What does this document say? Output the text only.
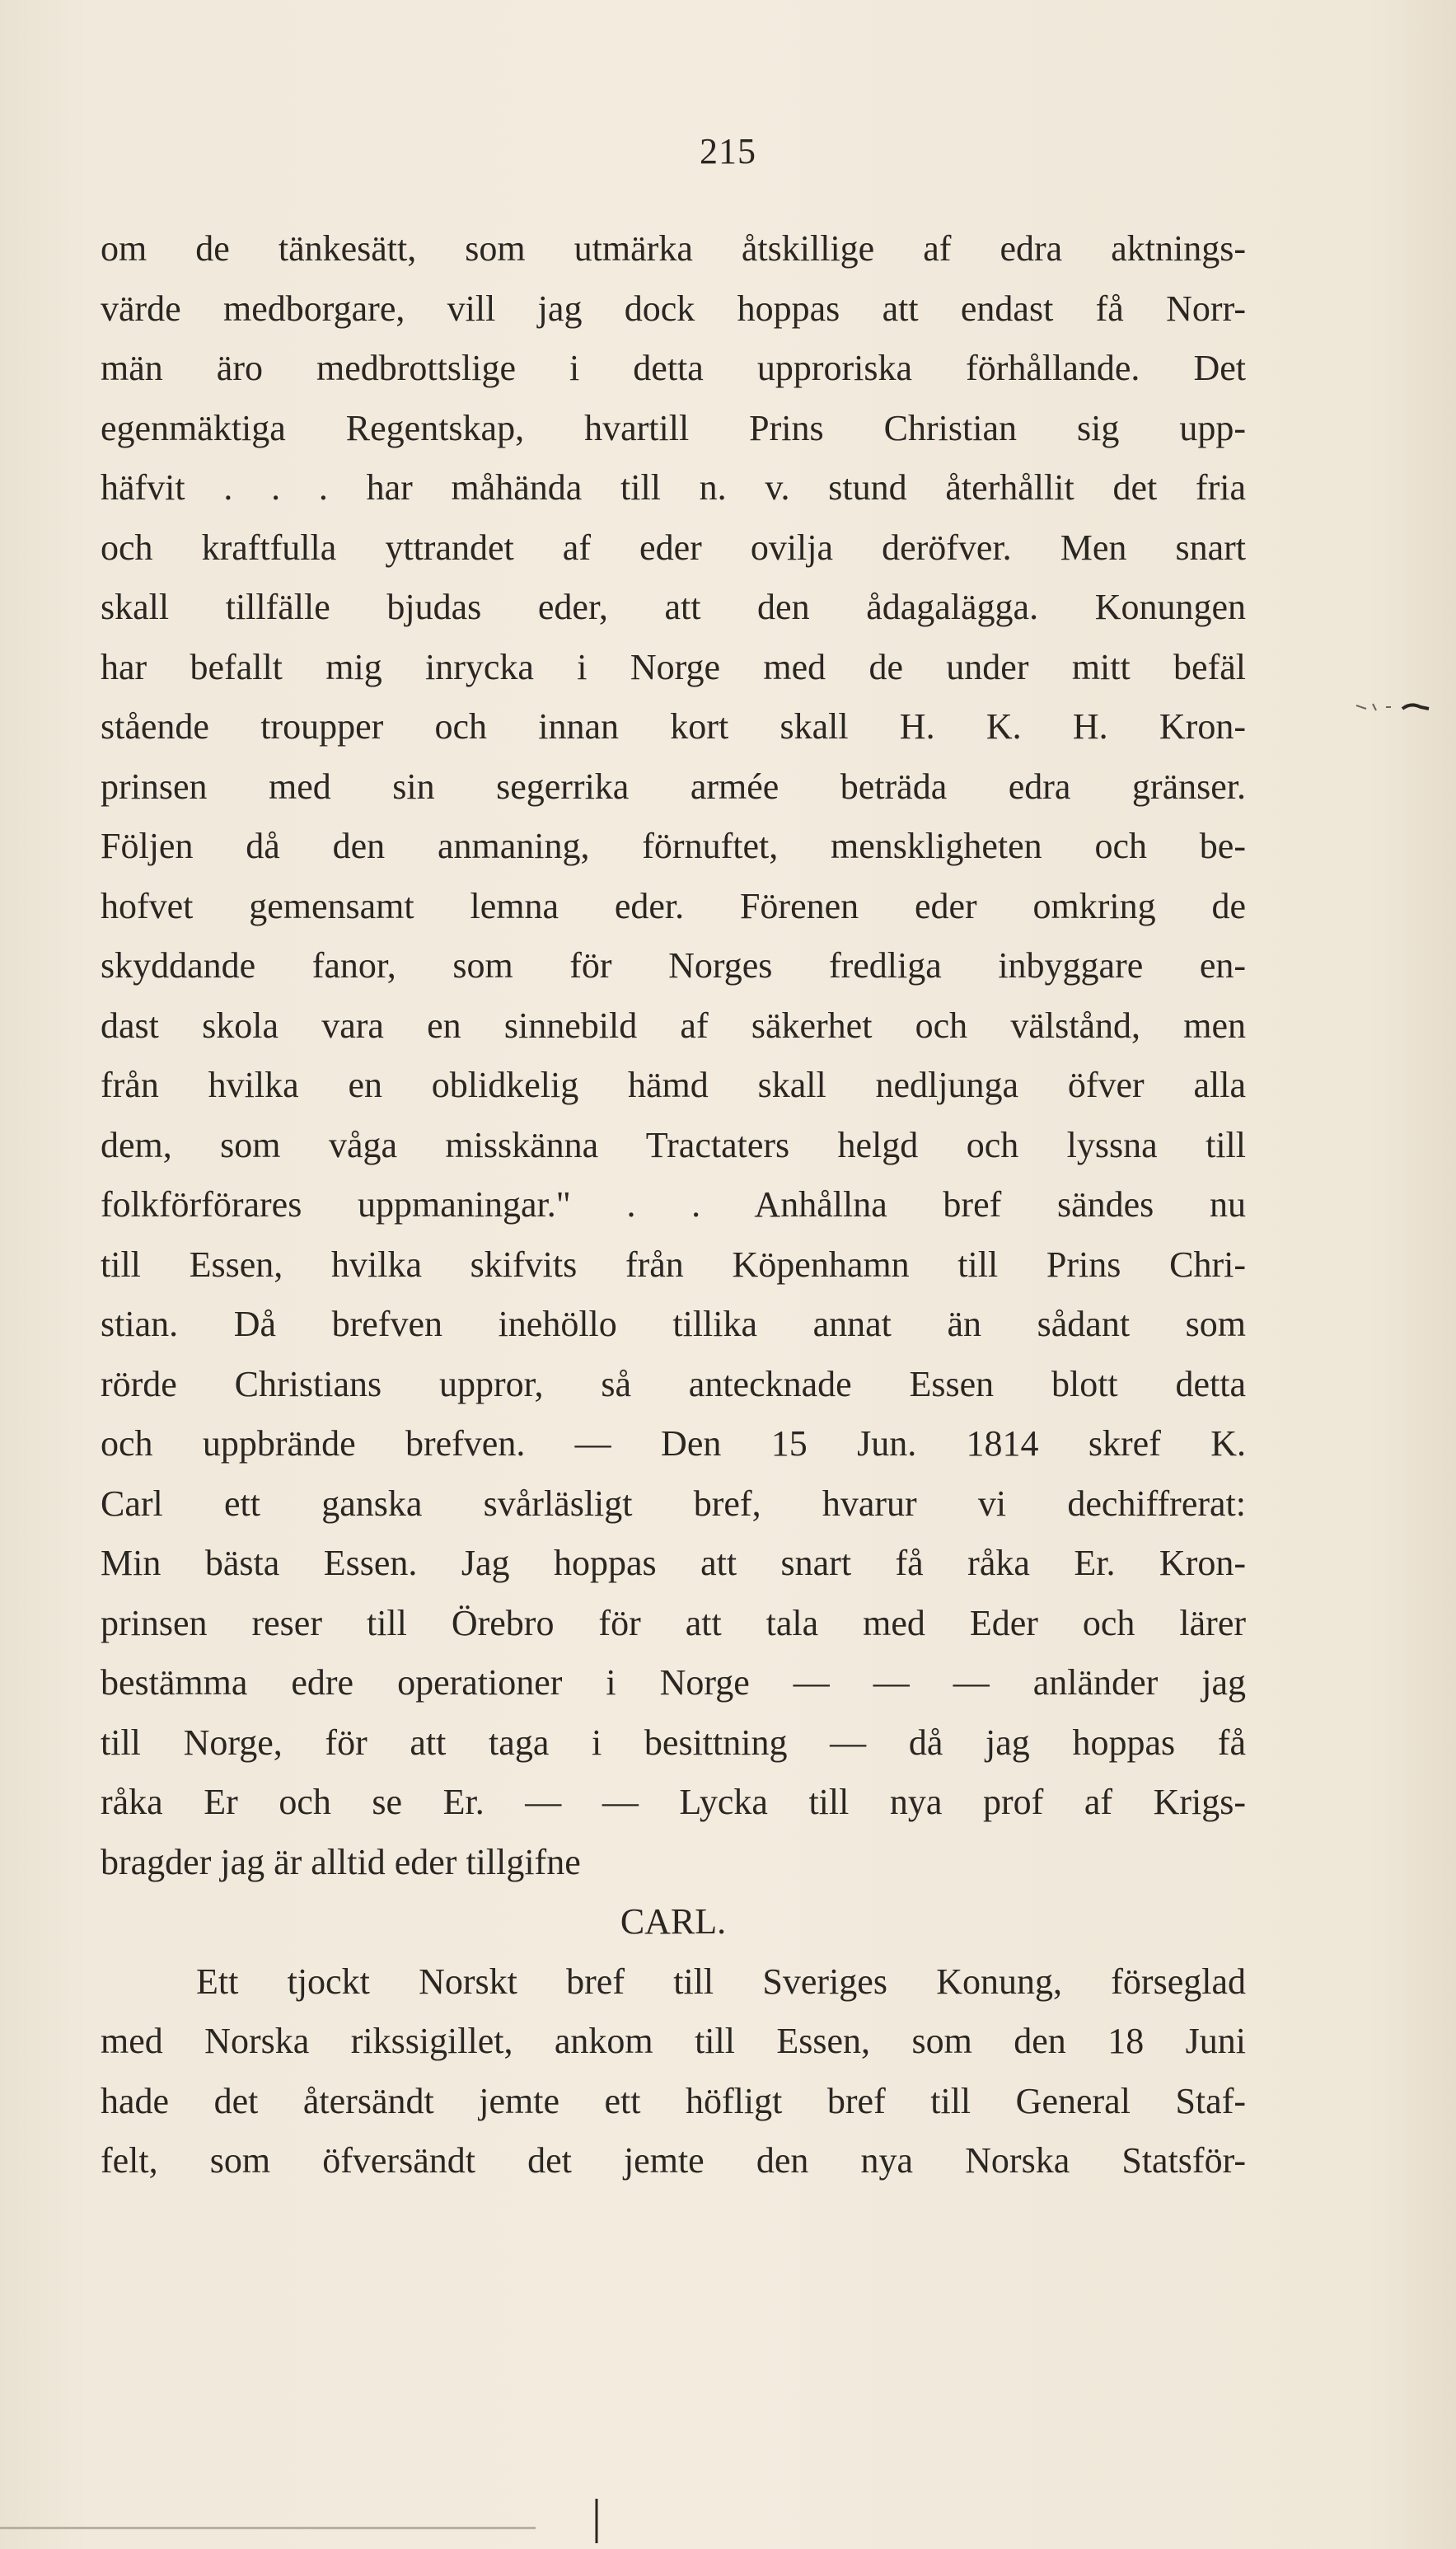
215
om de tänkesätt, som utmärka åtskillige af edra aktnings-
värde medborgare, vill jag dock hoppas att endast få Norr-
män äro medbrottslige i detta upproriska förhållande. Det
egenmäktiga Regentskap, hvartill Prins Christian sig upp-
häfvit . . . har måhända till n. v. stund återhållit det fria
och kraftfulla yttrandet af eder ovilja deröfver. Men snart
skall tillfälle bjudas eder, att den ådagalägga. Konungen
har befallt mig inrycka i Norge med de under mitt befäl
stående troupper och innan kort skall H. K. H. Kron-
prinsen med sin segerrika armée beträda edra gränser.
Följen då den anmaning, förnuftet, menskligheten och be-
hofvet gemensamt lemna eder. Förenen eder omkring de
skyddande fanor, som för Norges fredliga inbyggare en-
dast skola vara en sinnebild af säkerhet och välstånd, men
från hvilka en oblidkelig hämd skall nedljunga öfver alla
dem, som våga misskänna Tractaters helgd och lyssna till
folkförförares uppmaningar." . . Anhållna bref sändes nu
till Essen, hvilka skifvits från Köpenhamn till Prins Chri-
stian. Då brefven inehöllo tillika annat än sådant som
rörde Christians uppror, så antecknade Essen blott detta
och uppbrände brefven. — Den 15 Jun. 1814 skref K.
Carl ett ganska svårläsligt bref, hvarur vi dechiffrerat:
Min bästa Essen. Jag hoppas att snart få råka Er. Kron-
prinsen reser till Örebro för att tala med Eder och lärer
bestämma edre operationer i Norge — — — anländer jag
till Norge, för att taga i besittning — då jag hoppas få
råka Er och se Er. — — Lycka till nya prof af Krigs-
bragder jag är alltid eder tillgifne
CARL.
Ett tjockt Norskt bref till Sveriges Konung, förseglad
med Norska rikssigillet, ankom till Essen, som den 18 Juni
hade det återsändt jemte ett höfligt bref till General Staf-
felt, som öfversändt det jemte den nya Norska Statsför-
